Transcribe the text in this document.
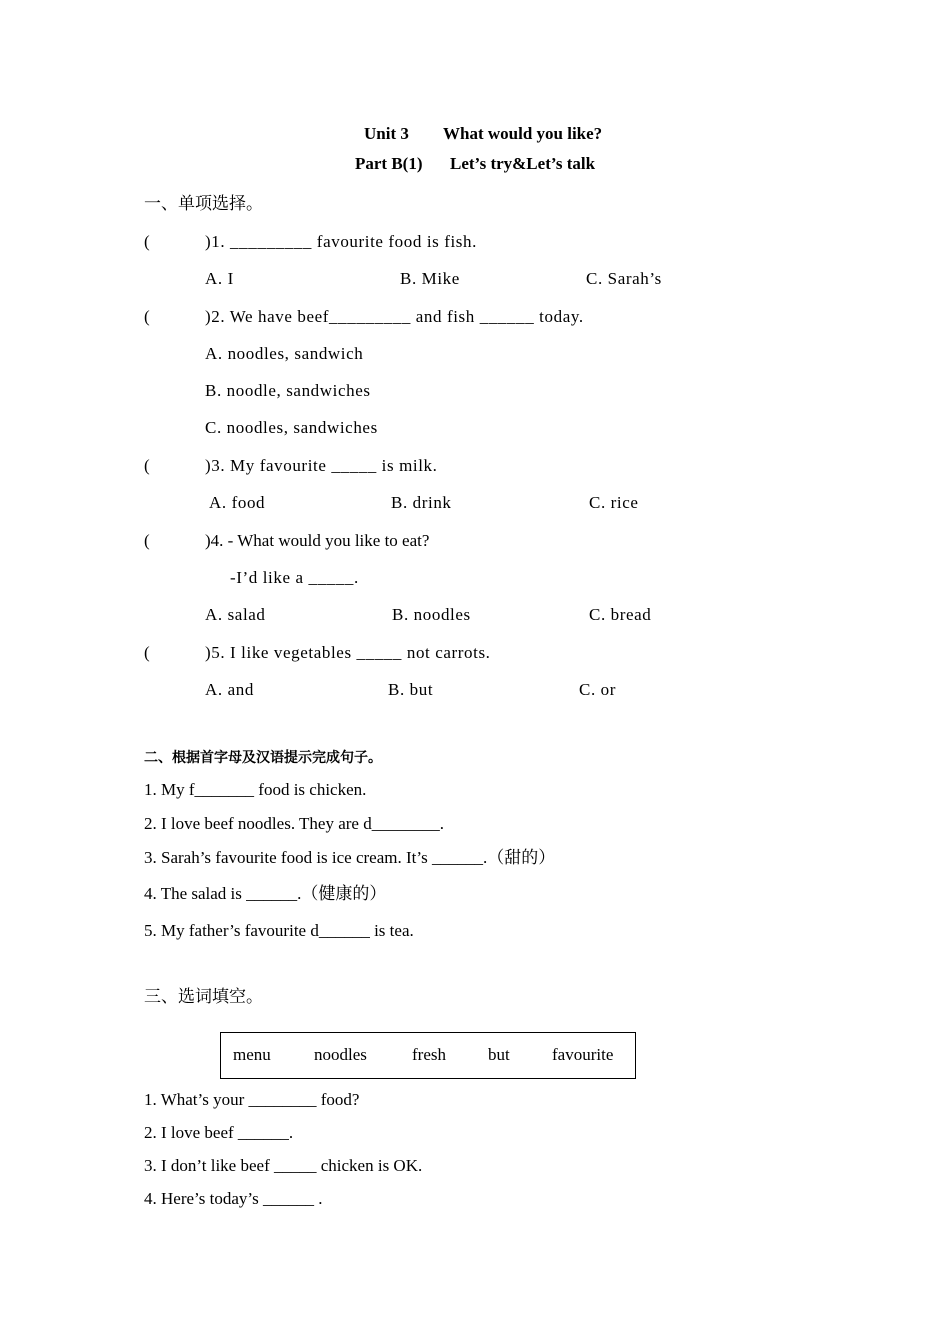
Unit 3 What would you like?
Part B(1) Let’s try&Let’s talk
一、单项选择。
(	)1. _________ favourite food is fish.
A. I	B. Mike	C. Sarah’s
(	)2. We have beef_________ and fish ______ today.
A. noodles, sandwich
B. noodle, sandwiches
C. noodles, sandwiches
(	)3. My favourite _____ is milk.
A. food	B. drink	C. rice
(	)4. - What would you like to eat?
-I’d like a _____.
A. salad	B. noodles	C. bread
(	)5. I like vegetables _____ not carrots.
A. and	B. but	C. or
二、根据首字母及汉语提示完成句子。
1. My f_______ food is chicken.
2. I love beef noodles. They are d________.
3. Sarah’s favourite food is ice cream. It’s ______.（甜的）
4. The salad is ______.（健康的）
5. My father’s favourite d______ is tea.
三、选词填空。
menu	noodles	fresh but favourite
1. What’s your ________ food?
2. I love beef ______.
3. I don’t like beef _____ chicken is OK.
4. Here’s today’s ______ .
